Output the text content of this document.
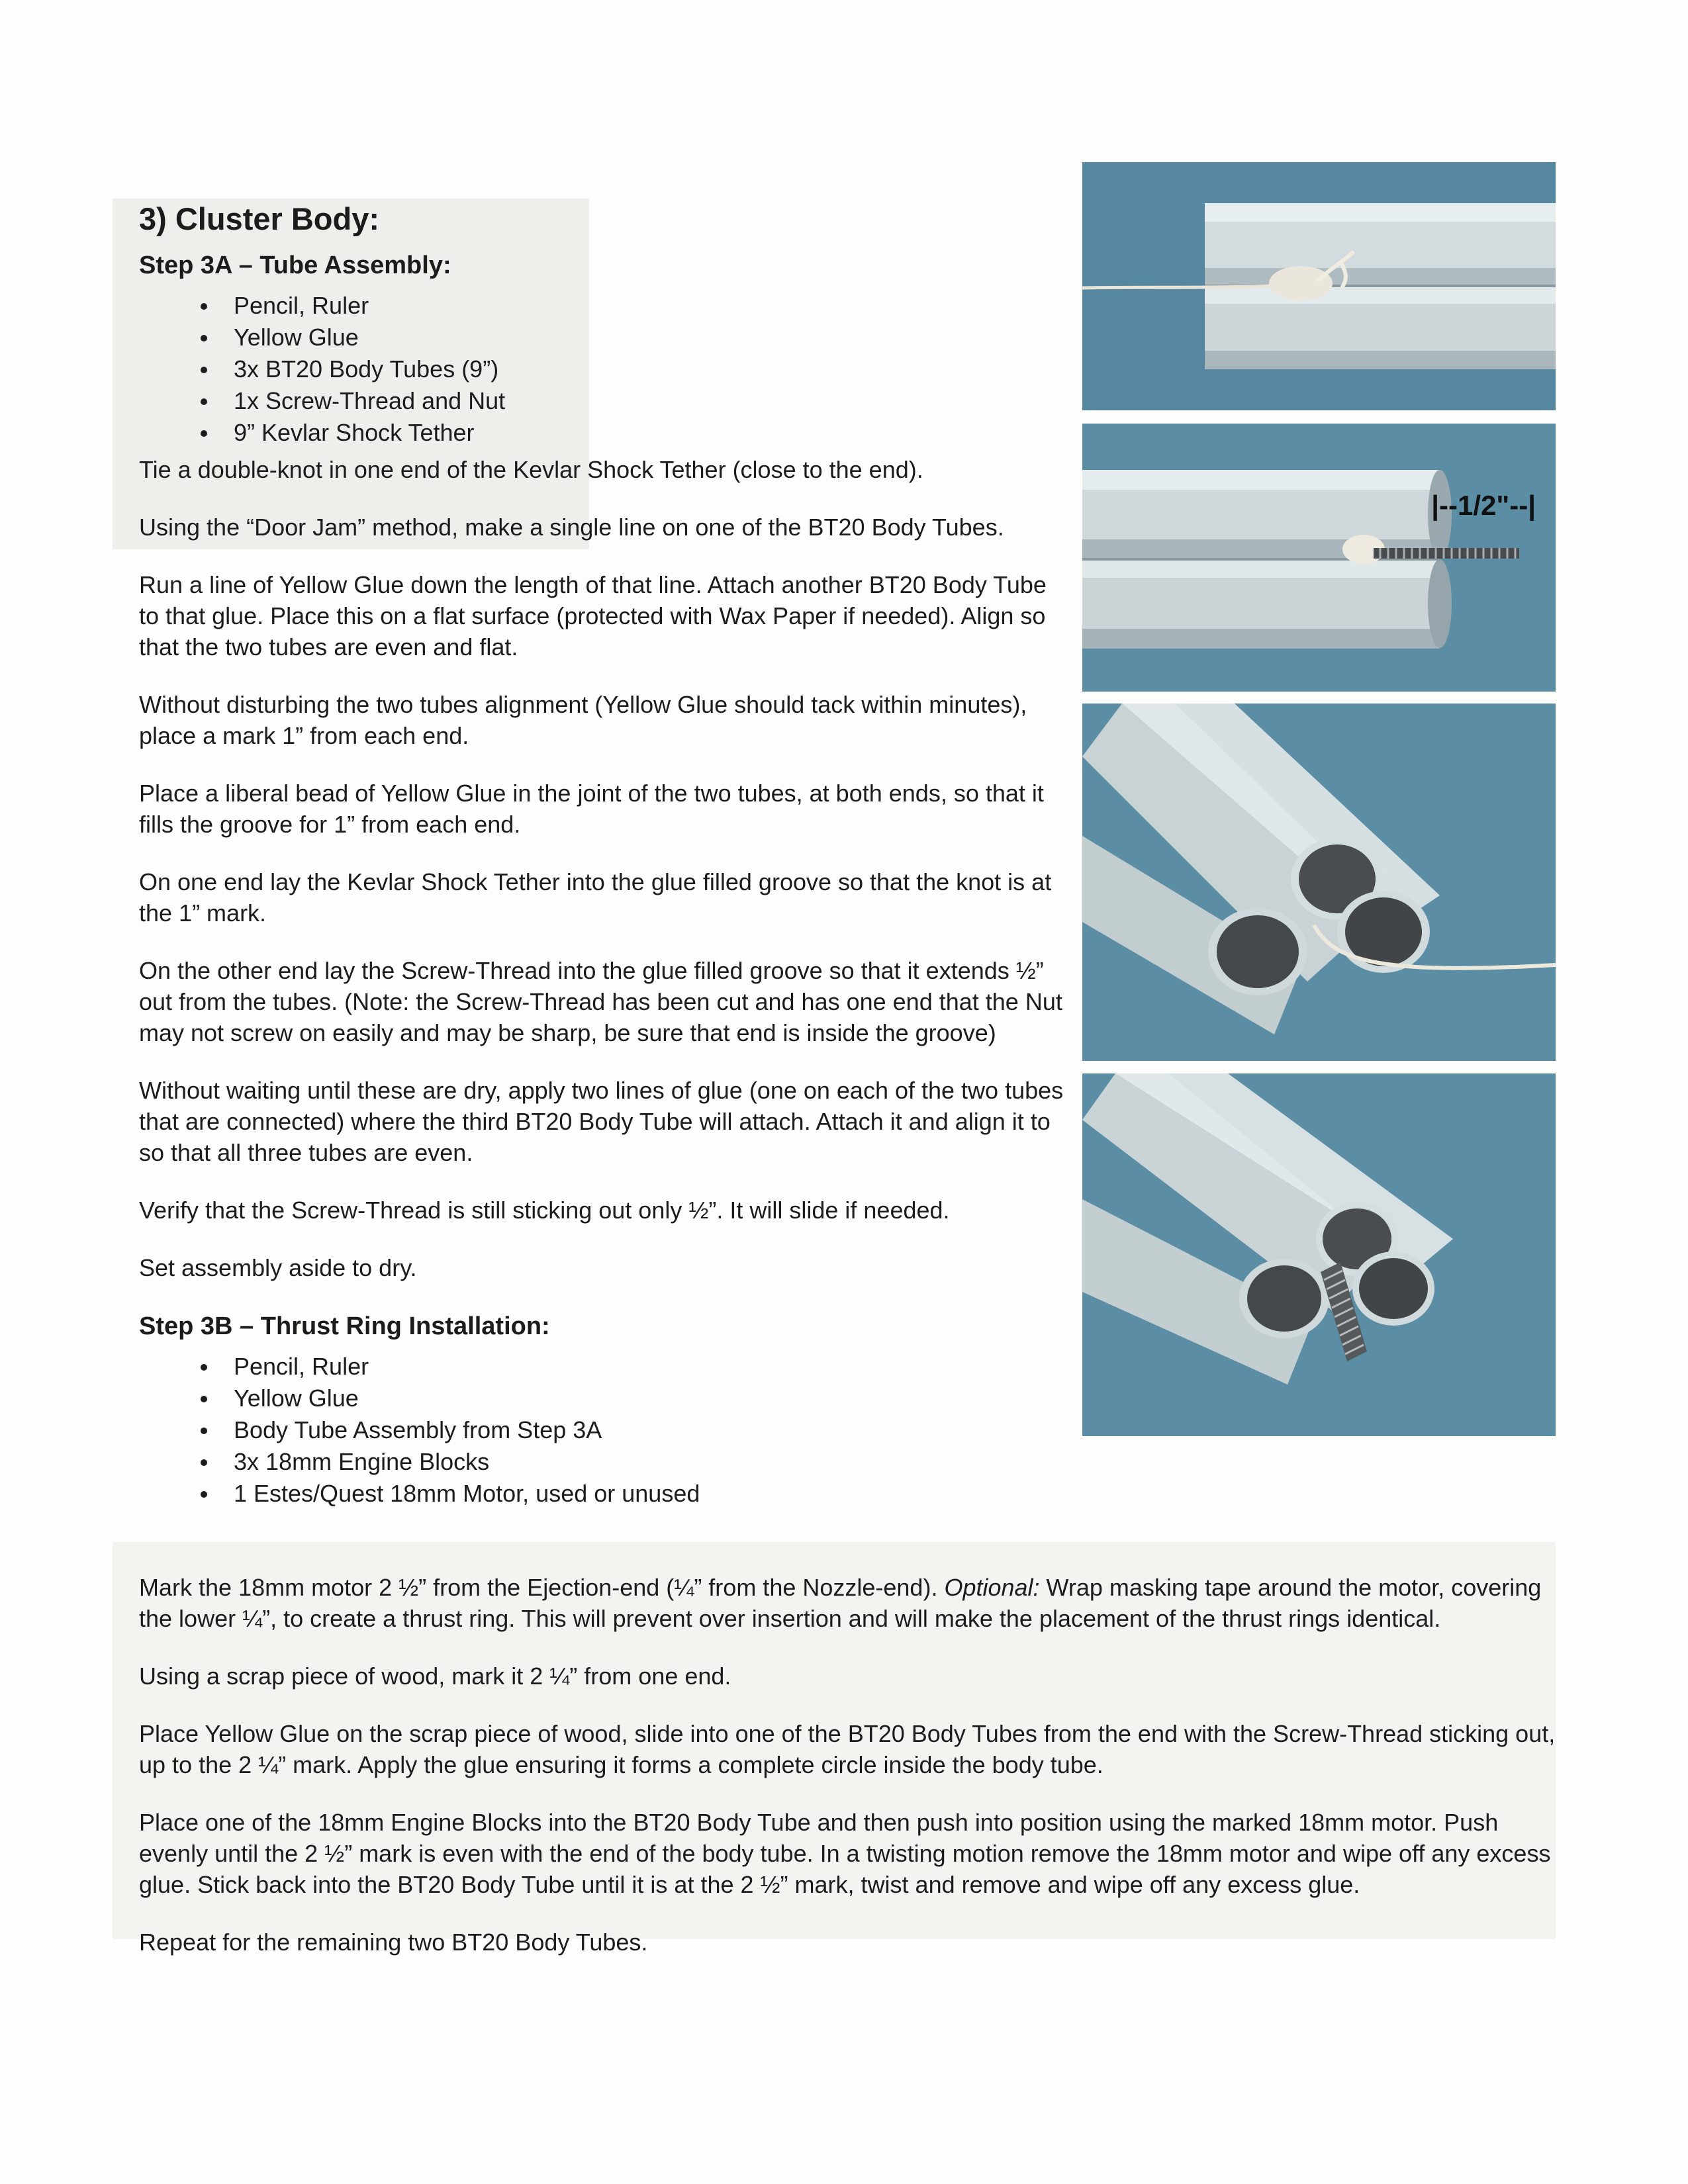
3) Cluster Body:
Step 3A – Tube Assembly:
Pencil, Ruler
Yellow Glue
3x BT20 Body Tubes (9”)
1x Screw-Thread and Nut
9” Kevlar Shock Tether

Tie a double-knot in one end of the Kevlar Shock Tether (close to the end).

Using the “Door Jam” method, make a single line on one of the BT20 Body Tubes.

Run a line of Yellow Glue down the length of that line. Attach another BT20 Body Tube to that glue. Place this on a flat surface (protected with Wax Paper if needed). Align so that the two tubes are even and flat.

Without disturbing the two tubes alignment (Yellow Glue should tack within minutes), place a mark 1” from each end.

Place a liberal bead of Yellow Glue in the joint of the two tubes, at both ends, so that it fills the groove for 1” from each end.

On one end lay the Kevlar Shock Tether into the glue filled groove so that the knot is at the 1” mark.

On the other end lay the Screw-Thread into the glue filled groove so that it extends ½” out from the tubes. (Note: the Screw-Thread has been cut and has one end that the Nut may not screw on easily and may be sharp, be sure that end is inside the groove)

Without waiting until these are dry, apply two lines of glue (one on each of the two tubes that are connected) where the third BT20 Body Tube will attach. Attach it and align it to so that all three tubes are even.

Verify that the Screw-Thread is still sticking out only ½”. It will slide if needed.

Set assembly aside to dry.

Step 3B – Thrust Ring Installation:
Pencil, Ruler
Yellow Glue
Body Tube Assembly from Step 3A
3x 18mm Engine Blocks
1 Estes/Quest 18mm Motor, used or unused

Mark the 18mm motor 2 ½” from the Ejection-end (¼” from the Nozzle-end). Optional: Wrap masking tape around the motor, covering the lower ¼”, to create a thrust ring. This will prevent over insertion and will make the placement of the thrust rings identical.

Using a scrap piece of wood, mark it 2 ¼” from one end.

Place Yellow Glue on the scrap piece of wood, slide into one of the BT20 Body Tubes from the end with the Screw-Thread sticking out, up to the 2 ¼” mark. Apply the glue ensuring it forms a complete circle inside the body tube.

Place one of the 18mm Engine Blocks into the BT20 Body Tube and then push into position using the marked 18mm motor. Push evenly until the 2 ½” mark is even with the end of the body tube. In a twisting motion remove the 18mm motor and wipe off any excess glue. Stick back into the BT20 Body Tube until it is at the 2 ½” mark, twist and remove and wipe off any excess glue.

Repeat for the remaining two BT20 Body Tubes.

|--1/2"--|
